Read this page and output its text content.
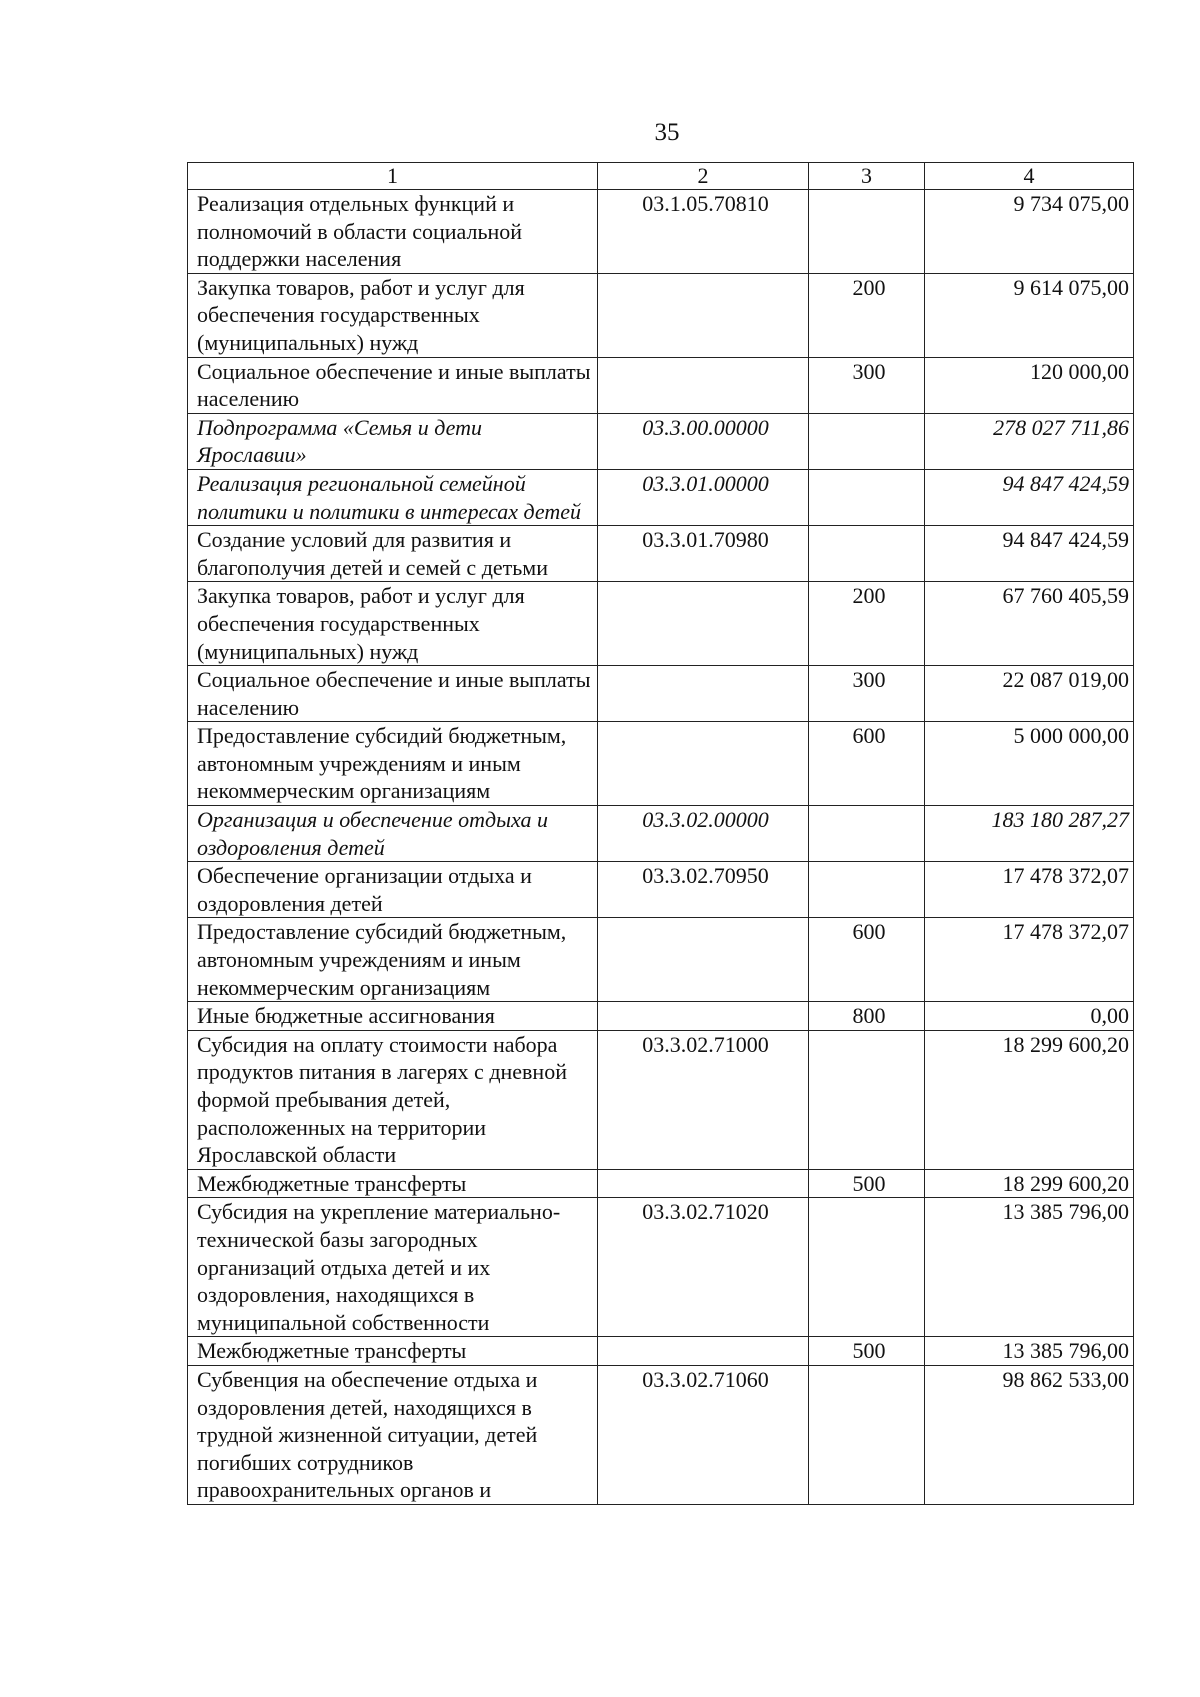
35
1	2	3	4
Реализация отдельных функций и полномочий в области социальной поддержки населения	03.1.05.70810		9 734 075,00
Закупка товаров, работ и услуг для обеспечения государственных (муниципальных) нужд		200	9 614 075,00
Социальное обеспечение и иные выплаты населению		300	120 000,00
Подпрограмма «Семья и дети Ярославии»	03.3.00.00000		278 027 711,86
Реализация региональной семейной политики и политики в интересах детей	03.3.01.00000		94 847 424,59
Создание условий для развития и благополучия детей и семей с детьми	03.3.01.70980		94 847 424,59
Закупка товаров, работ и услуг для обеспечения государственных (муниципальных) нужд		200	67 760 405,59
Социальное обеспечение и иные выплаты населению		300	22 087 019,00
Предоставление субсидий бюджетным, автономным учреждениям и иным некоммерческим организациям		600	5 000 000,00
Организация и обеспечение отдыха и оздоровления детей	03.3.02.00000		183 180 287,27
Обеспечение организации отдыха и оздоровления детей	03.3.02.70950		17 478 372,07
Предоставление субсидий бюджетным, автономным учреждениям и иным некоммерческим организациям		600	17 478 372,07
Иные бюджетные ассигнования		800	0,00
Субсидия на оплату стоимости набора продуктов питания в лагерях с дневной формой пребывания детей, расположенных на территории Ярославской области	03.3.02.71000		18 299 600,20
Межбюджетные трансферты		500	18 299 600,20
Субсидия на укрепление материально-технической базы загородных организаций отдыха детей и их оздоровления, находящихся в муниципальной собственности	03.3.02.71020		13 385 796,00
Межбюджетные трансферты		500	13 385 796,00
Субвенция на обеспечение отдыха и оздоровления детей, находящихся в трудной жизненной ситуации, детей погибших сотрудников правоохранительных органов и	03.3.02.71060		98 862 533,00
